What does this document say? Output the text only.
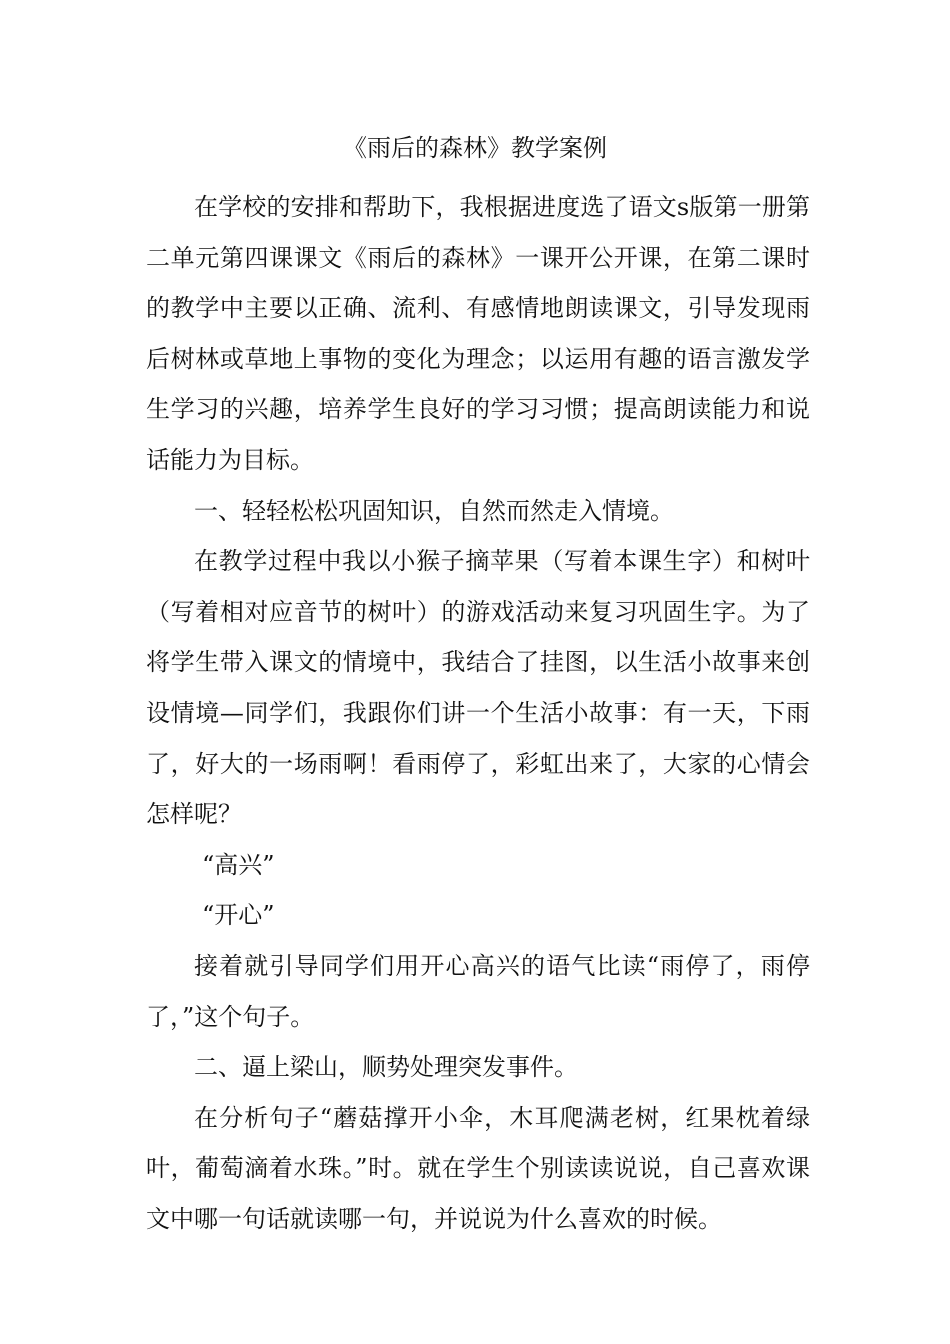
《雨后的森林》教学案例

在学校的安排和帮助下，我根据进度选了语文s版第一册第二单元第四课课文《雨后的森林》一课开公开课，在第二课时的教学中主要以正确、流利、有感情地朗读课文，引导发现雨后树林或草地上事物的变化为理念；以运用有趣的语言激发学生学习的兴趣，培养学生良好的学习习惯；提高朗读能力和说话能力为目标。

一、轻轻松松巩固知识，自然而然走入情境。

在教学过程中我以小猴子摘苹果（写着本课生字）和树叶（写着相对应音节的树叶）的游戏活动来复习巩固生字。为了将学生带入课文的情境中，我结合了挂图，以生活小故事来创设情境—同学们，我跟你们讲一个生活小故事：有一天，下雨了，好大的一场雨啊！看雨停了，彩虹出来了，大家的心情会怎样呢？

“高兴”

“开心”

接着就引导同学们用开心高兴的语气比读“雨停了，雨停了，”这个句子。

二、逼上梁山，顺势处理突发事件。

在分析句子“蘑菇撑开小伞，木耳爬满老树，红果枕着绿叶，葡萄滴着水珠。”时。就在学生个别读读说说，自己喜欢课文中哪一句话就读哪一句，并说说为什么喜欢的时候。
